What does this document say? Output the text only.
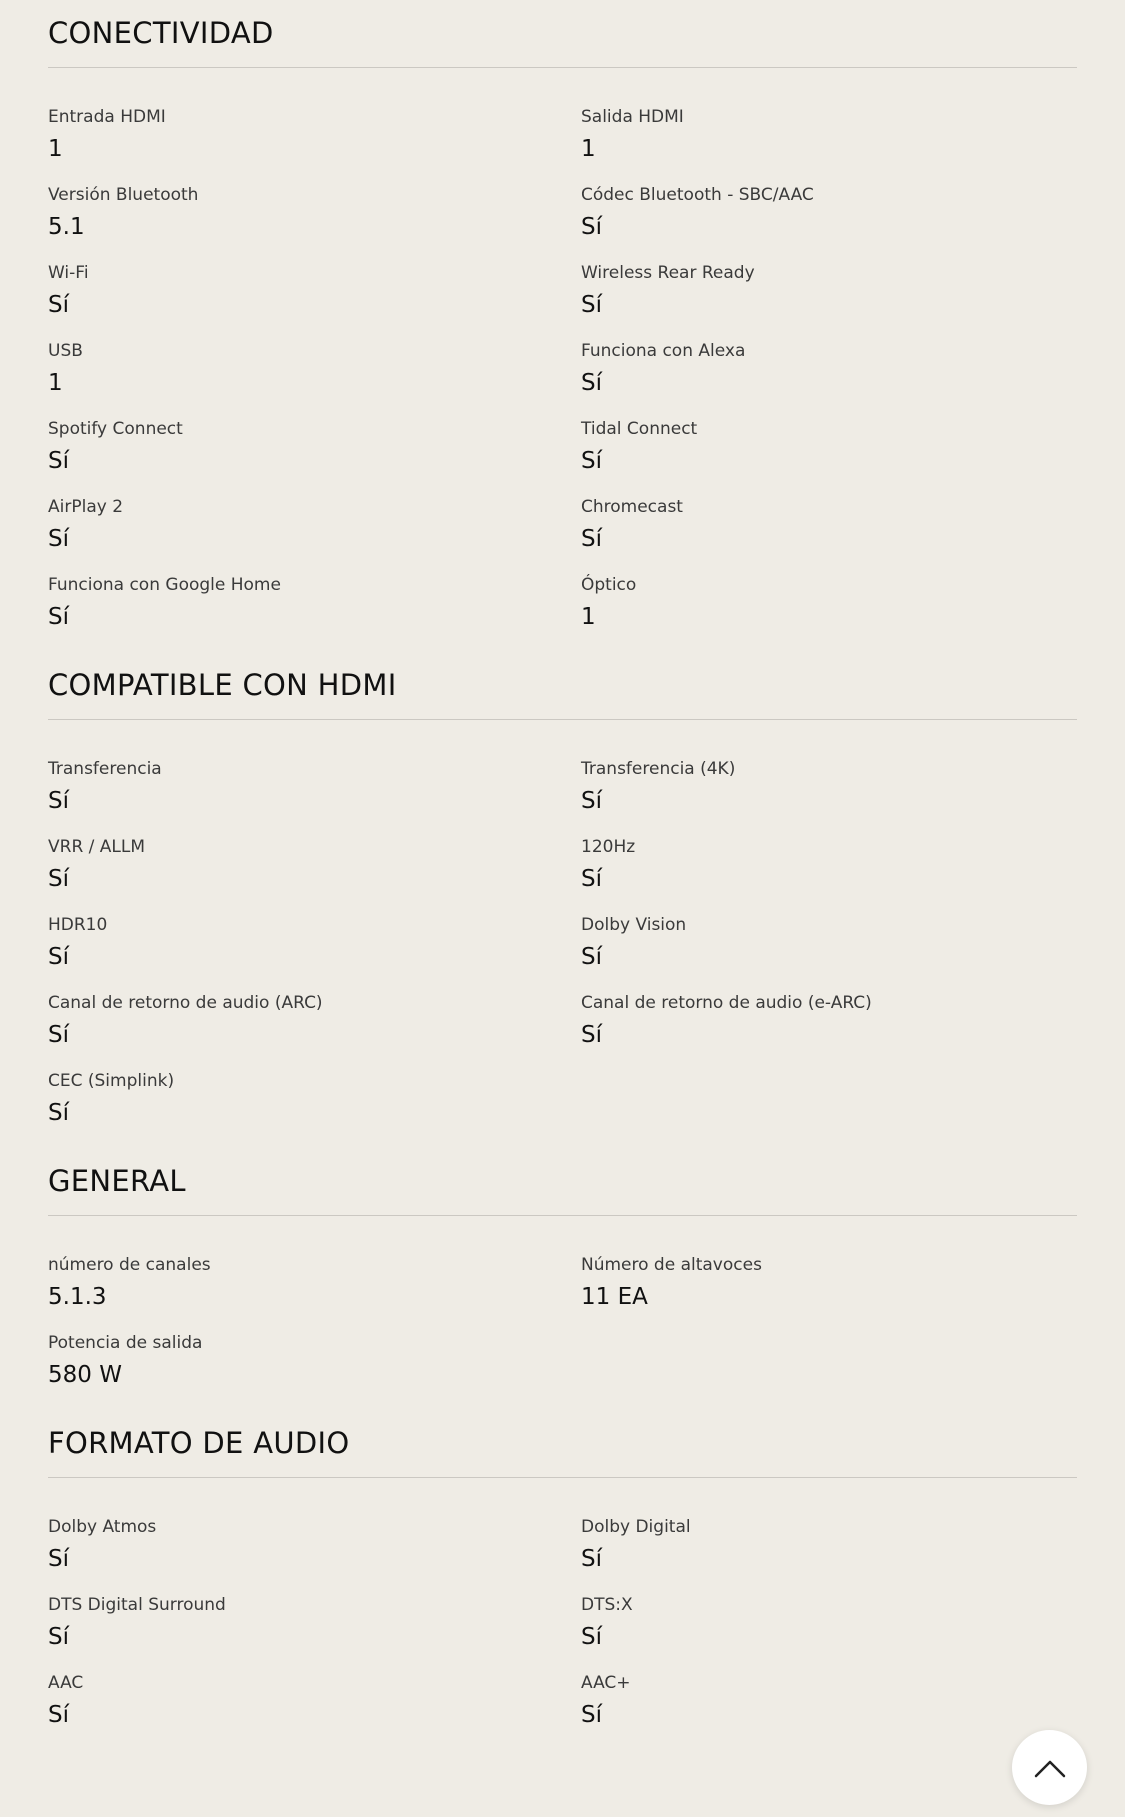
CONECTIVIDAD
Entrada HDMI
1
Salida HDMI
1
Versión Bluetooth
5.1
Códec Bluetooth - SBC/AAC
Sí
Wi-Fi
Sí
Wireless Rear Ready
Sí
USB
1
Funciona con Alexa
Sí
Spotify Connect
Sí
Tidal Connect
Sí
AirPlay 2
Sí
Chromecast
Sí
Funciona con Google Home
Sí
Óptico
1
COMPATIBLE CON HDMI
Transferencia
Sí
Transferencia (4K)
Sí
VRR / ALLM
Sí
120Hz
Sí
HDR10
Sí
Dolby Vision
Sí
Canal de retorno de audio (ARC)
Sí
Canal de retorno de audio (e-ARC)
Sí
CEC (Simplink)
Sí
GENERAL
número de canales
5.1.3
Número de altavoces
11 EA
Potencia de salida
580 W
FORMATO DE AUDIO
Dolby Atmos
Sí
Dolby Digital
Sí
DTS Digital Surround
Sí
DTS:X
Sí
AAC
Sí
AAC+
Sí
